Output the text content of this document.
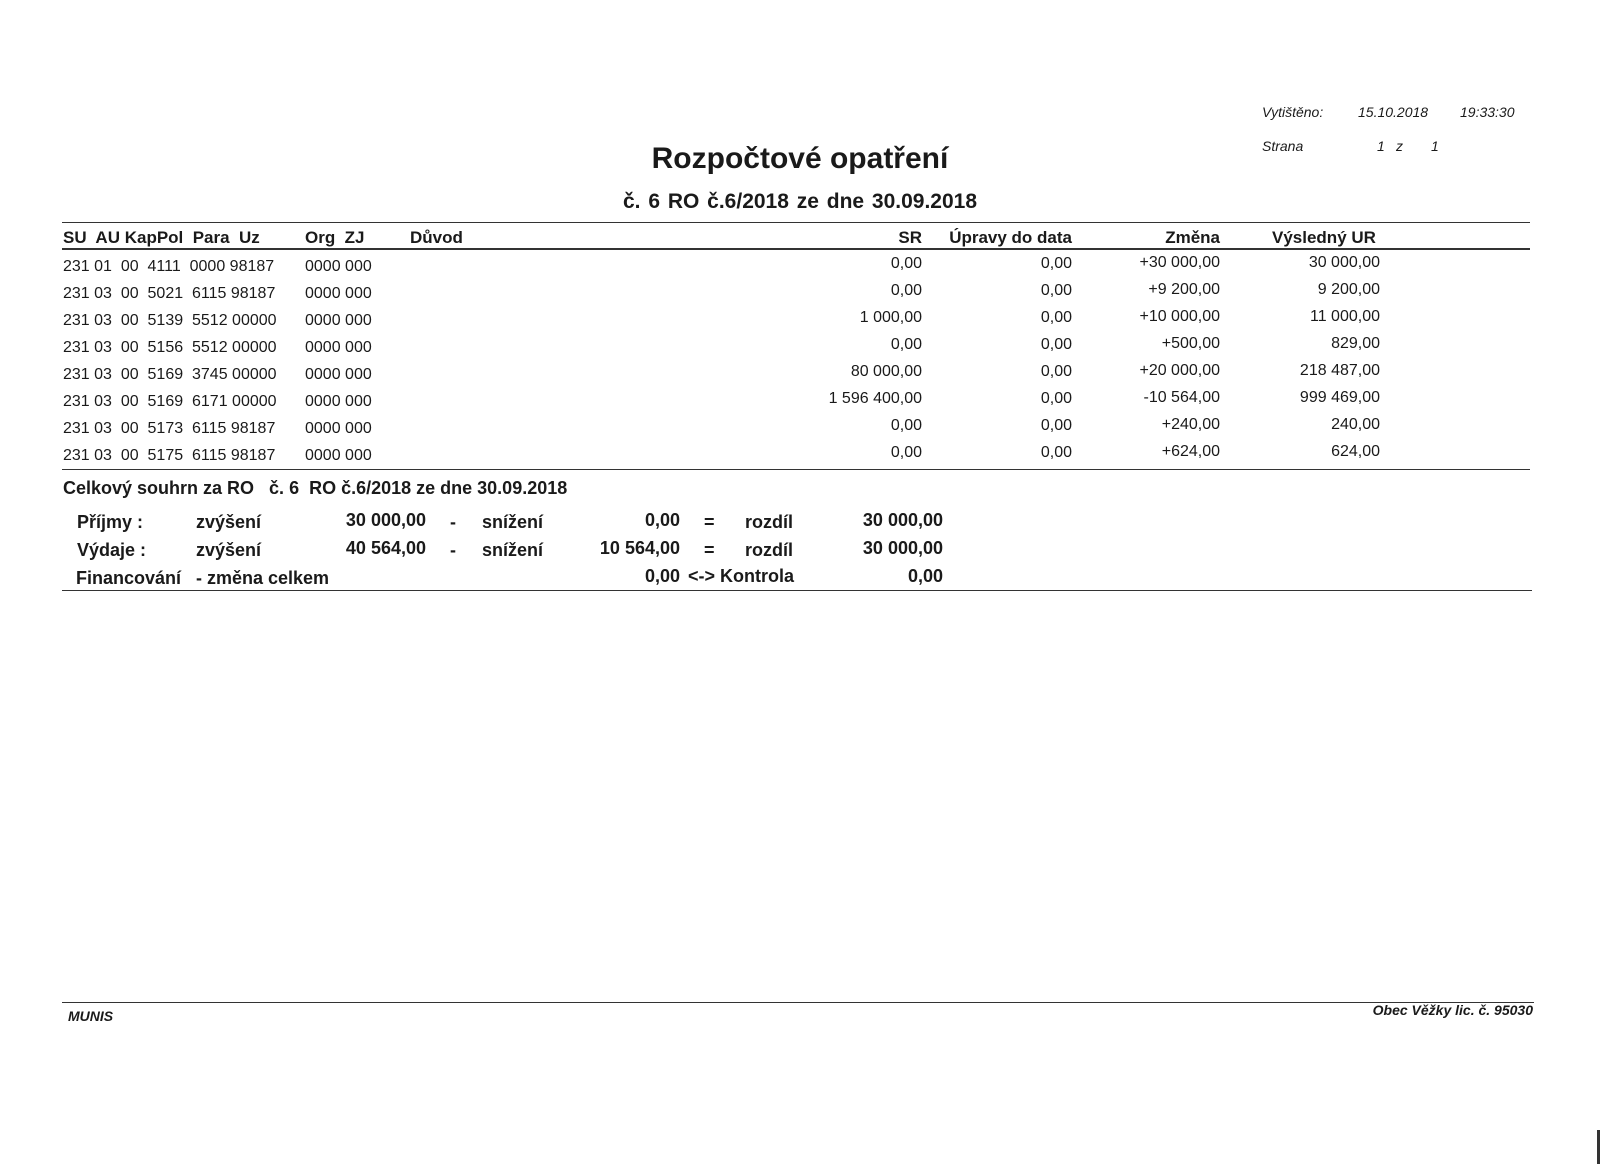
Vytištěno: 15.10.2018 19:33:30
Strana	1 z 1
Rozpočtové opatření
č. 6 RO č.6/2018 ze dne 30.09.2018
SU  AU KapPol  Para  Uz	Org  ZJ	Důvod	SR	Úpravy do data	Změna	Výsledný UR
231 01  00  4111  0000 98187 0000 000	0,00	0,00	+30 000,00	30 000,00
231 03  00  5021  6115 98187 0000 000	0,00	0,00	+9 200,00	9 200,00
231 03  00  5139  5512 00000 0000 000	1 000,00	0,00	+10 000,00	11 000,00
231 03  00  5156  5512 00000 0000 000	0,00	0,00	+500,00	829,00
231 03  00  5169  3745 00000 0000 000	80 000,00	0,00	+20 000,00	218 487,00
231 03  00  5169  6171 00000 0000 000	1 596 400,00	0,00	-10 564,00	999 469,00
231 03  00  5173  6115 98187 0000 000	0,00	0,00	+240,00	240,00
231 03  00  5175  6115 98187 0000 000	0,00	0,00	+624,00	624,00
Celkový souhrn za RO   č. 6  RO č.6/2018 ze dne 30.09.2018
Příjmy :	zvýšení	30 000,00 - snížení	0,00 = rozdíl	30 000,00
Výdaje :	zvýšení	40 564,00 - snížení	10 564,00 = rozdíl	30 000,00
Financování - změna celkem	0,00 <-> Kontrola	0,00
MUNIS	Obec Věžky lic. č. 95030
